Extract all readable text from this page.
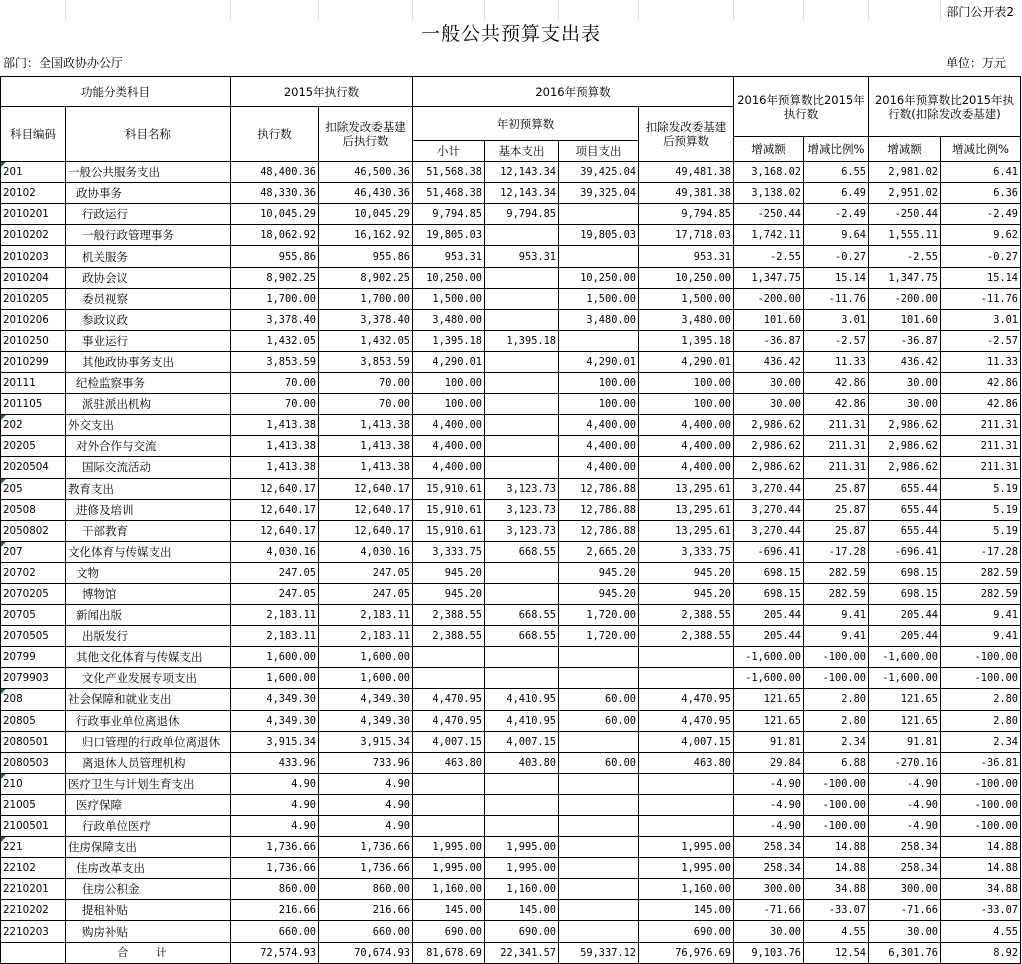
部门公开表2
一般公共预算支出表
部门：全国政协办公厅	单位：万元
功能分类科目		2015年执行数		2016年预算数				2016年预算数比2015年执行数		2016年预算数比2015年执行数(扣除发改委基建)	
科目编码	科目名称	执行数	扣除发改委基建后执行数	年初预算数			扣除发改委基建后预算数				
								增减额	增减比例%	增减额	增减比例%
				小计	基本支出	项目支出					
201	一般公共服务支出	48,400.36	46,500.36	51,568.38	12,143.34	39,425.04	49,481.38	3,168.02	6.55	2,981.02	6.41
20102	政协事务	48,330.36	46,430.36	51,468.38	12,143.34	39,325.04	49,381.38	3,138.02	6.49	2,951.02	6.36
2010201	行政运行	10,045.29	10,045.29	9,794.85	9,794.85		9,794.85	-250.44	-2.49	-250.44	-2.49
2010202	一般行政管理事务	18,062.92	16,162.92	19,805.03		19,805.03	17,718.03	1,742.11	9.64	1,555.11	9.62
2010203	机关服务	955.86	955.86	953.31	953.31		953.31	-2.55	-0.27	-2.55	-0.27
2010204	政协会议	8,902.25	8,902.25	10,250.00		10,250.00	10,250.00	1,347.75	15.14	1,347.75	15.14
2010205	委员视察	1,700.00	1,700.00	1,500.00		1,500.00	1,500.00	-200.00	-11.76	-200.00	-11.76
2010206	参政议政	3,378.40	3,378.40	3,480.00		3,480.00	3,480.00	101.60	3.01	101.60	3.01
2010250	事业运行	1,432.05	1,432.05	1,395.18	1,395.18		1,395.18	-36.87	-2.57	-36.87	-2.57
2010299	其他政协事务支出	3,853.59	3,853.59	4,290.01		4,290.01	4,290.01	436.42	11.33	436.42	11.33
20111	纪检监察事务	70.00	70.00	100.00		100.00	100.00	30.00	42.86	30.00	42.86
201105	派驻派出机构	70.00	70.00	100.00		100.00	100.00	30.00	42.86	30.00	42.86
202	外交支出	1,413.38	1,413.38	4,400.00		4,400.00	4,400.00	2,986.62	211.31	2,986.62	211.31
20205	对外合作与交流	1,413.38	1,413.38	4,400.00		4,400.00	4,400.00	2,986.62	211.31	2,986.62	211.31
2020504	国际交流活动	1,413.38	1,413.38	4,400.00		4,400.00	4,400.00	2,986.62	211.31	2,986.62	211.31
205	教育支出	12,640.17	12,640.17	15,910.61	3,123.73	12,786.88	13,295.61	3,270.44	25.87	655.44	5.19
20508	进修及培训	12,640.17	12,640.17	15,910.61	3,123.73	12,786.88	13,295.61	3,270.44	25.87	655.44	5.19
2050802	干部教育	12,640.17	12,640.17	15,910.61	3,123.73	12,786.88	13,295.61	3,270.44	25.87	655.44	5.19
207	文化体育与传媒支出	4,030.16	4,030.16	3,333.75	668.55	2,665.20	3,333.75	-696.41	-17.28	-696.41	-17.28
20702	文物	247.05	247.05	945.20		945.20	945.20	698.15	282.59	698.15	282.59
2070205	博物馆	247.05	247.05	945.20		945.20	945.20	698.15	282.59	698.15	282.59
20705	新闻出版	2,183.11	2,183.11	2,388.55	668.55	1,720.00	2,388.55	205.44	9.41	205.44	9.41
2070505	出版发行	2,183.11	2,183.11	2,388.55	668.55	1,720.00	2,388.55	205.44	9.41	205.44	9.41
20799	其他文化体育与传媒支出	1,600.00	1,600.00					-1,600.00	-100.00	-1,600.00	-100.00
2079903	文化产业发展专项支出	1,600.00	1,600.00					-1,600.00	-100.00	-1,600.00	-100.00
208	社会保障和就业支出	4,349.30	4,349.30	4,470.95	4,410.95	60.00	4,470.95	121.65	2.80	121.65	2.80
20805	行政事业单位离退休	4,349.30	4,349.30	4,470.95	4,410.95	60.00	4,470.95	121.65	2.80	121.65	2.80
2080501	归口管理的行政单位离退休	3,915.34	3,915.34	4,007.15	4,007.15		4,007.15	91.81	2.34	91.81	2.34
2080503	离退休人员管理机构	433.96	733.96	463.80	403.80	60.00	463.80	29.84	6.88	-270.16	-36.81
210	医疗卫生与计划生育支出	4.90	4.90					-4.90	-100.00	-4.90	-100.00
21005	医疗保障	4.90	4.90					-4.90	-100.00	-4.90	-100.00
2100501	行政单位医疗	4.90	4.90					-4.90	-100.00	-4.90	-100.00
221	住房保障支出	1,736.66	1,736.66	1,995.00	1,995.00		1,995.00	258.34	14.88	258.34	14.88
22102	住房改革支出	1,736.66	1,736.66	1,995.00	1,995.00		1,995.00	258.34	14.88	258.34	14.88
2210201	住房公积金	860.00	860.00	1,160.00	1,160.00		1,160.00	300.00	34.88	300.00	34.88
2210202	提租补贴	216.66	216.66	145.00	145.00		145.00	-71.66	-33.07	-71.66	-33.07
2210203	购房补贴	660.00	660.00	690.00	690.00		690.00	30.00	4.55	30.00	4.55
	合 计	72,574.93	70,674.93	81,678.69	22,341.57	59,337.12	76,976.69	9,103.76	12.54	6,301.76	8.92
